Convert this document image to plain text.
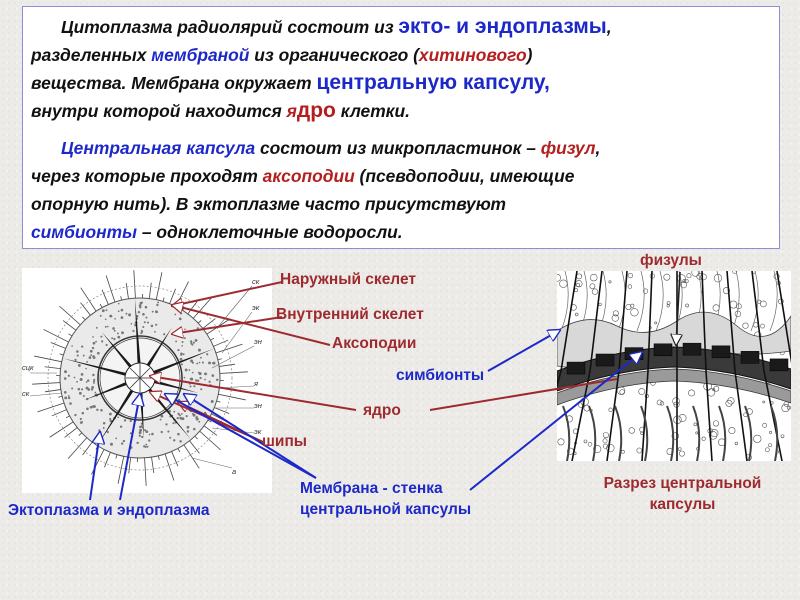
Цитоплазма радиолярий состоит из экто- и эндоплазмы,
разделенных мембраной из органического (хитинового)
вещества. Мембрана окружает центральную капсулу,
внутри которой находится ядро клетки.

Центральная капсула состоит из микропластинок – физул,
через которые проходят аксоподии (псевдоподии, имеющие
опорную нить). В эктоплазме часто присутствуют
симбионты – одноклеточные водоросли.

ск
эк
эн
сцк
ск
я
эн
эк
а
Наружный скелет
Внутренний скелет
Аксоподии
ядро
шипы
физулы
симбионты
Эктоплазма и эндоплазма
Мембрана - стенка центральной капсулы
Разрез центральной капсулы
